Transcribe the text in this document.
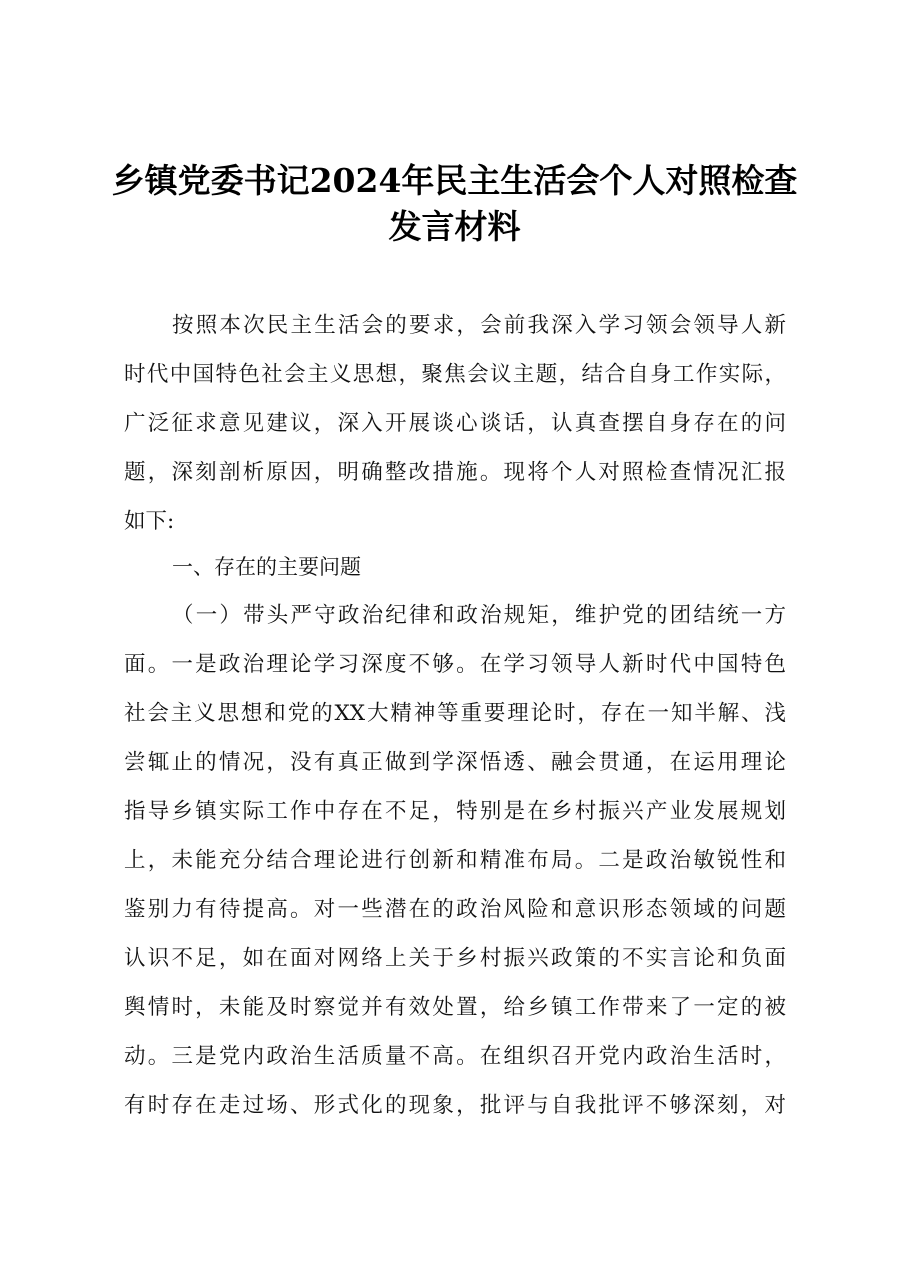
乡镇党委书记2024年民主生活会个人对照检查
发言材料
按照本次民主生活会的要求，会前我深入学习领会领导人新
时代中国特色社会主义思想，聚焦会议主题，结合自身工作实际，
广泛征求意见建议，深入开展谈心谈话，认真查摆自身存在的问
题，深刻剖析原因，明确整改措施。现将个人对照检查情况汇报
如下:
一、存在的主要问题
（一）带头严守政治纪律和政治规矩，维护党的团结统一方
面。一是政治理论学习深度不够。在学习领导人新时代中国特色
社会主义思想和党的XX大精神等重要理论时，存在一知半解、浅
尝辄止的情况，没有真正做到学深悟透、融会贯通，在运用理论
指导乡镇实际工作中存在不足，特别是在乡村振兴产业发展规划
上，未能充分结合理论进行创新和精准布局。二是政治敏锐性和
鉴别力有待提高。对一些潜在的政治风险和意识形态领域的问题
认识不足，如在面对网络上关于乡村振兴政策的不实言论和负面
舆情时，未能及时察觉并有效处置，给乡镇工作带来了一定的被
动。三是党内政治生活质量不高。在组织召开党内政治生活时，
有时存在走过场、形式化的现象，批评与自我批评不够深刻，对
